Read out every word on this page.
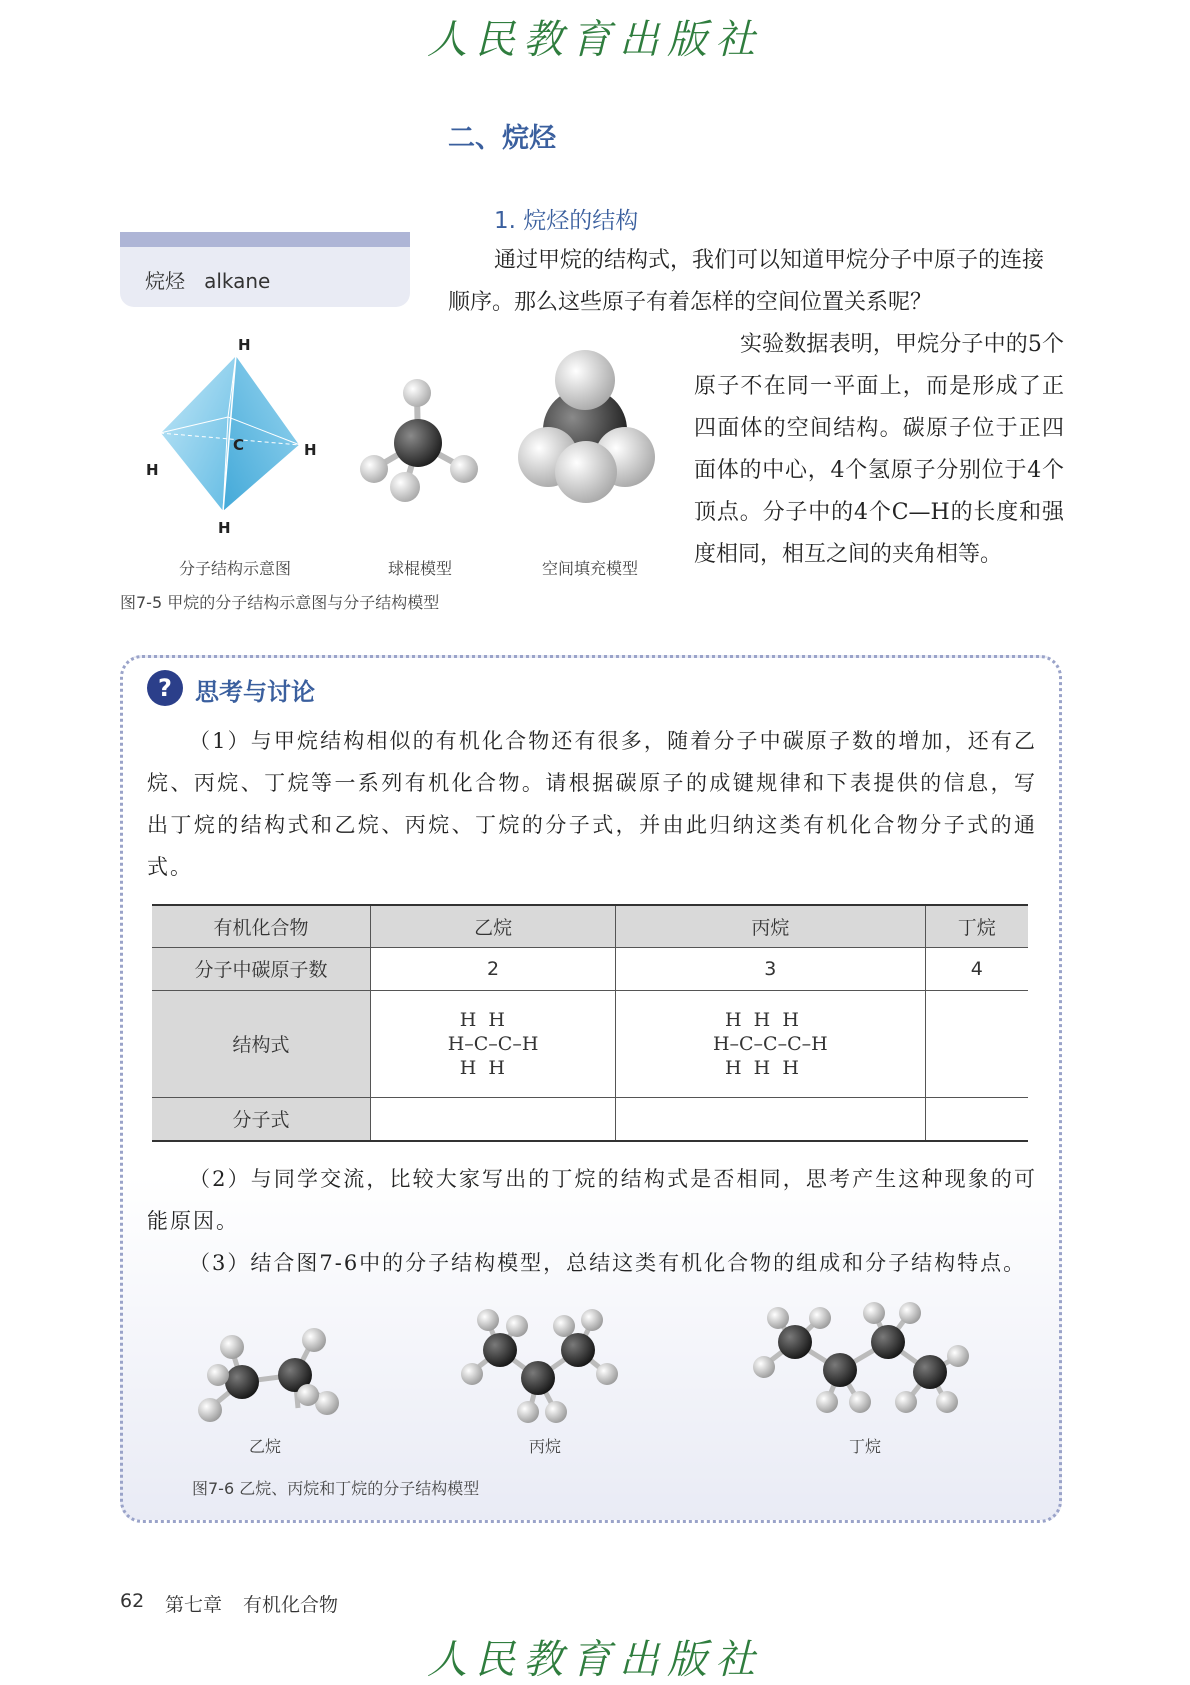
人民教育出版社
二、烷烃
1. 烷烃的结构
烷烃 alkane
通过甲烷的结构式，我们可以知道甲烷分子中原子的连接顺序。那么这些原子有着怎样的空间位置关系呢？
实验数据表明，甲烷分子中的5个原子不在同一平面上，而是形成了正四面体的空间结构。碳原子位于正四面体的中心，4个氢原子分别位于4个顶点。分子中的4个C—H的长度和强度相同，相互之间的夹角相等。
H
C
H
H
H
分子结构示意图	球棍模型	空间填充模型
图7-5 甲烷的分子结构示意图与分子结构模型
? 思考与讨论
（1）与甲烷结构相似的有机化合物还有很多，随着分子中碳原子数的增加，还有乙烷、丙烷、丁烷等一系列有机化合物。请根据碳原子的成键规律和下表提供的信息，写出丁烷的结构式和乙烷、丙烷、丁烷的分子式，并由此归纳这类有机化合物分子式的通式。
有机化合物	乙烷	丙烷	丁烷
分子中碳原子数	2	3	4
结构式	H  H
H–C–C–H
H  H	H  H  H
H–C–C–C–H
H  H  H	
分子式			
（2）与同学交流，比较大家写出的丁烷的结构式是否相同，思考产生这种现象的可能原因。
（3）结合图7-6中的分子结构模型，总结这类有机化合物的组成和分子结构特点。
乙烷	丙烷	丁烷
图7-6 乙烷、丙烷和丁烷的分子结构模型
62 第七章 有机化合物
人民教育出版社
